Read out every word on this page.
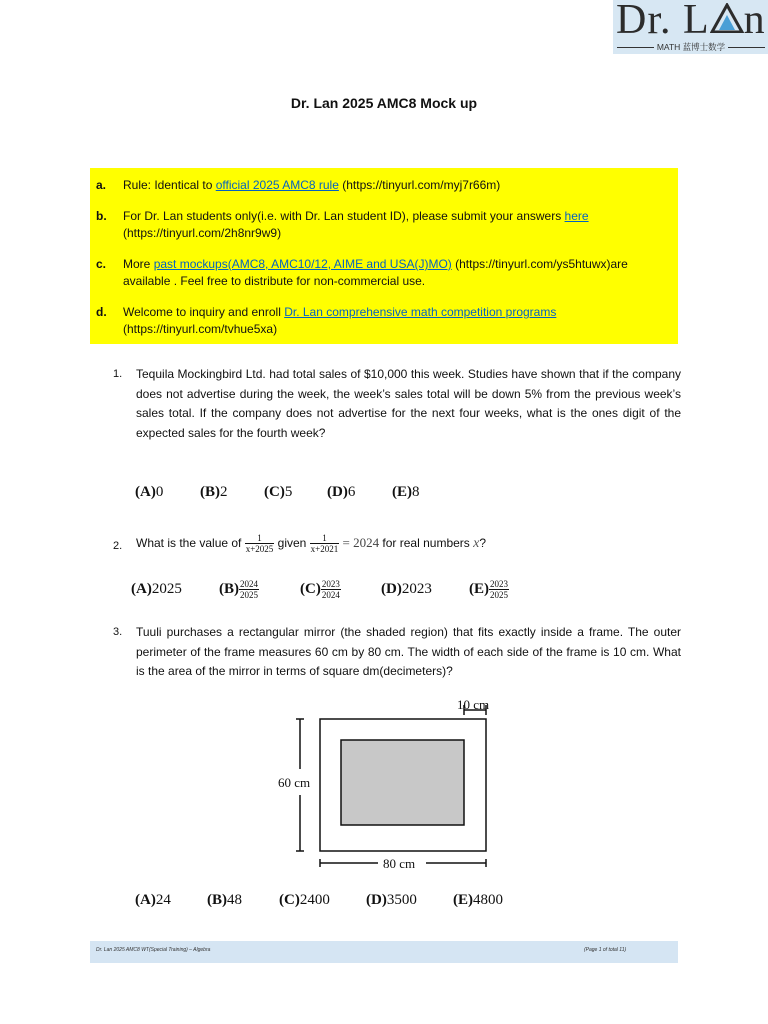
Dr. L n
MATH 蓝博士数学
Dr. Lan 2025 AMC8 Mock up
a. Rule: Identical to official 2025 AMC8 rule (https://tinyurl.com/myj7r66m)
b. For Dr. Lan students only(i.e. with Dr. Lan student ID), please submit your answers here (https://tinyurl.com/2h8nr9w9)
c. More past mockups(AMC8, AMC10/12, AIME and USA(J)MO) (https://tinyurl.com/ys5htuwx)are available . Feel free to distribute for non-commercial use.
d. Welcome to inquiry and enroll Dr. Lan comprehensive math competition programs (https://tinyurl.com/tvhue5xa)
1. Tequila Mockingbird Ltd. had total sales of $10,000 this week. Studies have shown that if the company does not advertise during the week, the week’s sales total will be down 5% from the previous week’s sales total. If the company does not advertise for the next four weeks, what is the ones digit of the expected sales for the fourth week?
(A)0 (B)2 (C)5 (D)6 (E)8
2. What is the value of $\frac{1}{x+2025}$ given $\frac{1}{x+2021} = 2024$ for real numbers x?
(A)2025 $(B) \frac{2024}{2025}$	$(C) \frac{2023}{2024}$	(D)2023 $(E) \frac{2023}{2025}$
3. Tuuli purchases a rectangular mirror (the shaded region) that fits exactly inside a frame. The outer perimeter of the frame measures 60 cm by 80 cm. The width of each side of the frame is 10 cm. What is the area of the mirror in terms of square dm(decimeters)?
10 cm
60 cm
80 cm
(A)24 (B)48 (C)2400 (D)3500 (E)4800
Dr. Lan 2025 AMC8 WT(Special Training) – Algebra	(Page 1 of total 11)
